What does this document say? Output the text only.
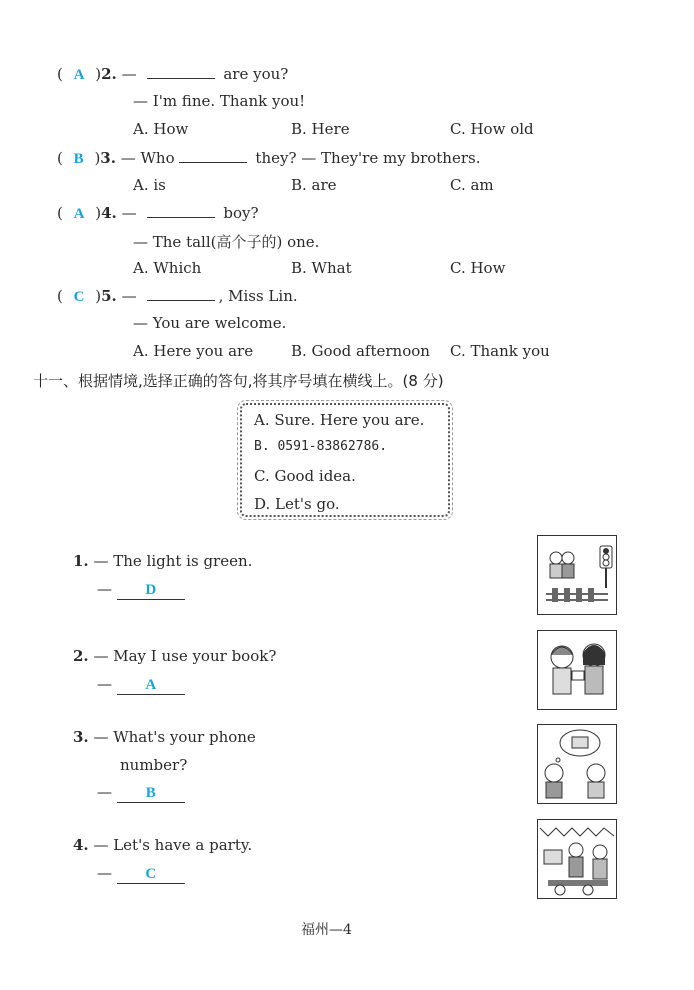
( A )2. —	are you?
— I'm fine. Thank you!
A. How	B. Here	C. How old
( B )3. — Who	they? — They're my brothers.
A. is	B. are	C. am
( A )4. —	boy?
— The tall(高个子的) one.
A. Which	B. What	C. How
( C )5. —	, Miss Lin.
— You are welcome.
A. Here you are	B. Good afternoon C. Thank you
十一、根据情境,选择正确的答句,将其序号填在横线上。(8 分)
A. Sure. Here you are.
B. 0591-83862786.
C. Good idea.
D. Let's go.
1. — The light is green.
— D
2. — May I use your book?
— A
3. — What's your phone
number?
— B
4. — Let's have a party.
— C
福州—4
